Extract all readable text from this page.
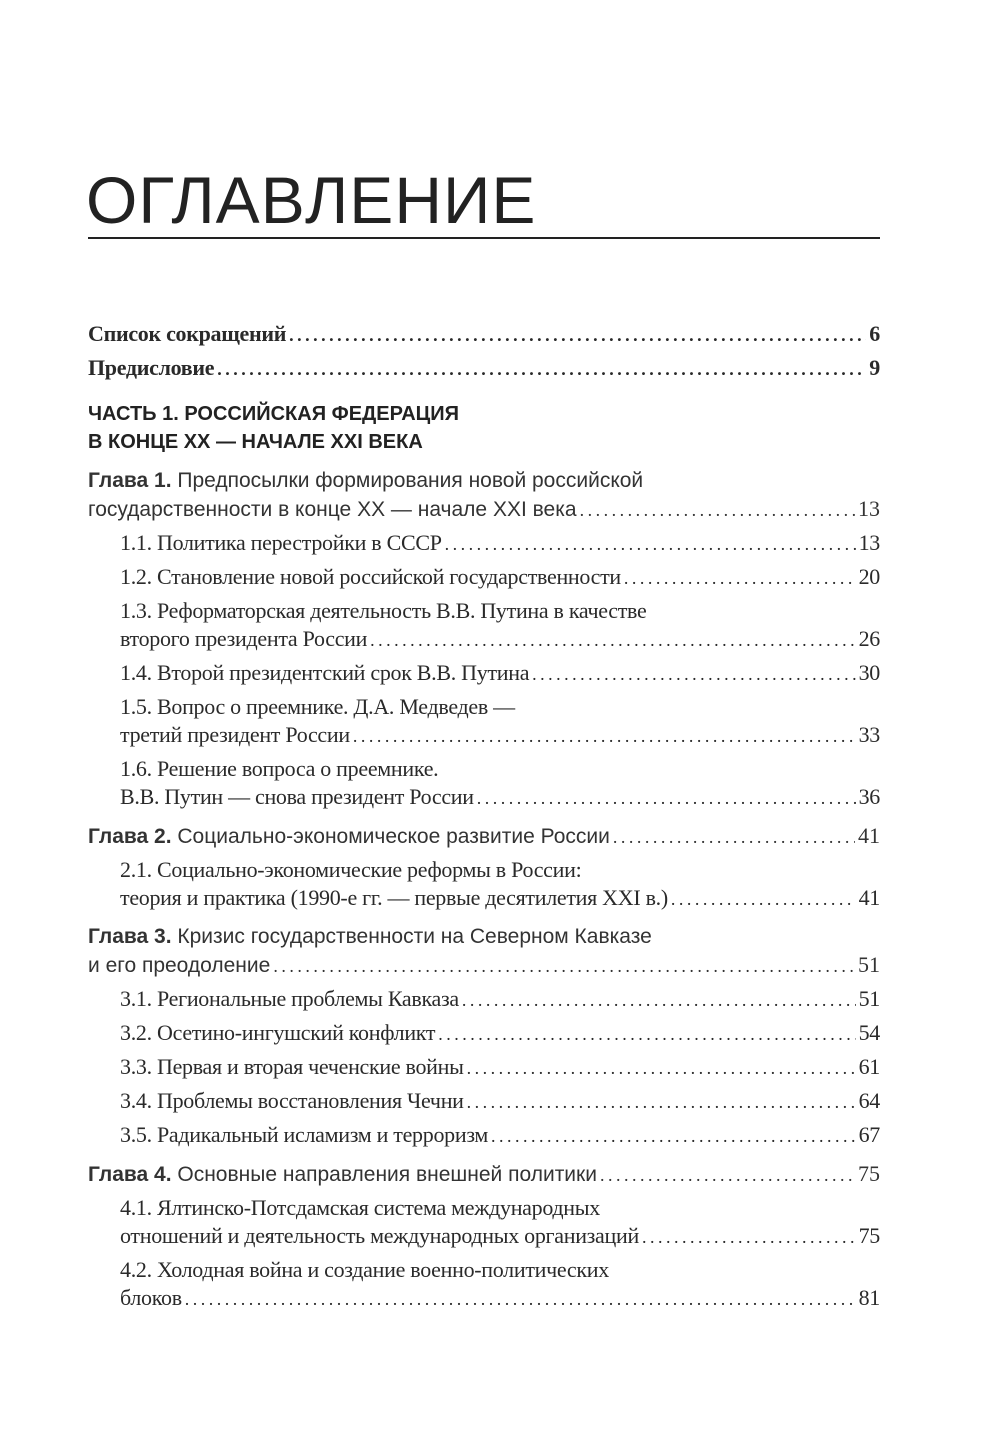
ОГЛАВЛЕНИЕ
Список сокращений .....	6
Предисловие .....	9
ЧАСТЬ 1. РОССИЙСКАЯ ФЕДЕРАЦИЯ
В КОНЦЕ XX — НАЧАЛЕ XXI ВЕКА
Глава 1. Предпосылки формирования новой российской
государственности в конце XX — начале XXI века .....	13
1.1. Политика перестройки в СССР .....	13
1.2. Становление новой российской государственности .....	20
1.3. Реформаторская деятельность В.В. Путина в качестве
второго президента России .....	26
1.4. Второй президентский срок В.В. Путина .....	30
1.5. Вопрос о преемнике. Д.А. Медведев —
третий президент России .....	33
1.6. Решение вопроса о преемнике.
В.В. Путин — снова президент России .....	36
Глава 2. Социально-экономическое развитие России .....	41
2.1. Социально-экономические реформы в России:
теория и практика (1990-е гг. — первые десятилетия XXI в.) .....	41
Глава 3. Кризис государственности на Северном Кавказе
и его преодоление .....	51
3.1. Региональные проблемы Кавказа .....	51
3.2. Осетино-ингушский конфликт .....	54
3.3. Первая и вторая чеченские войны .....	61
3.4. Проблемы восстановления Чечни .....	64
3.5. Радикальный исламизм и терроризм .....	67
Глава 4. Основные направления внешней политики .....	75
4.1. Ялтинско-Потсдамская система международных
отношений и деятельность международных организаций .....	75
4.2. Холодная война и создание военно-политических
блоков .....	81
